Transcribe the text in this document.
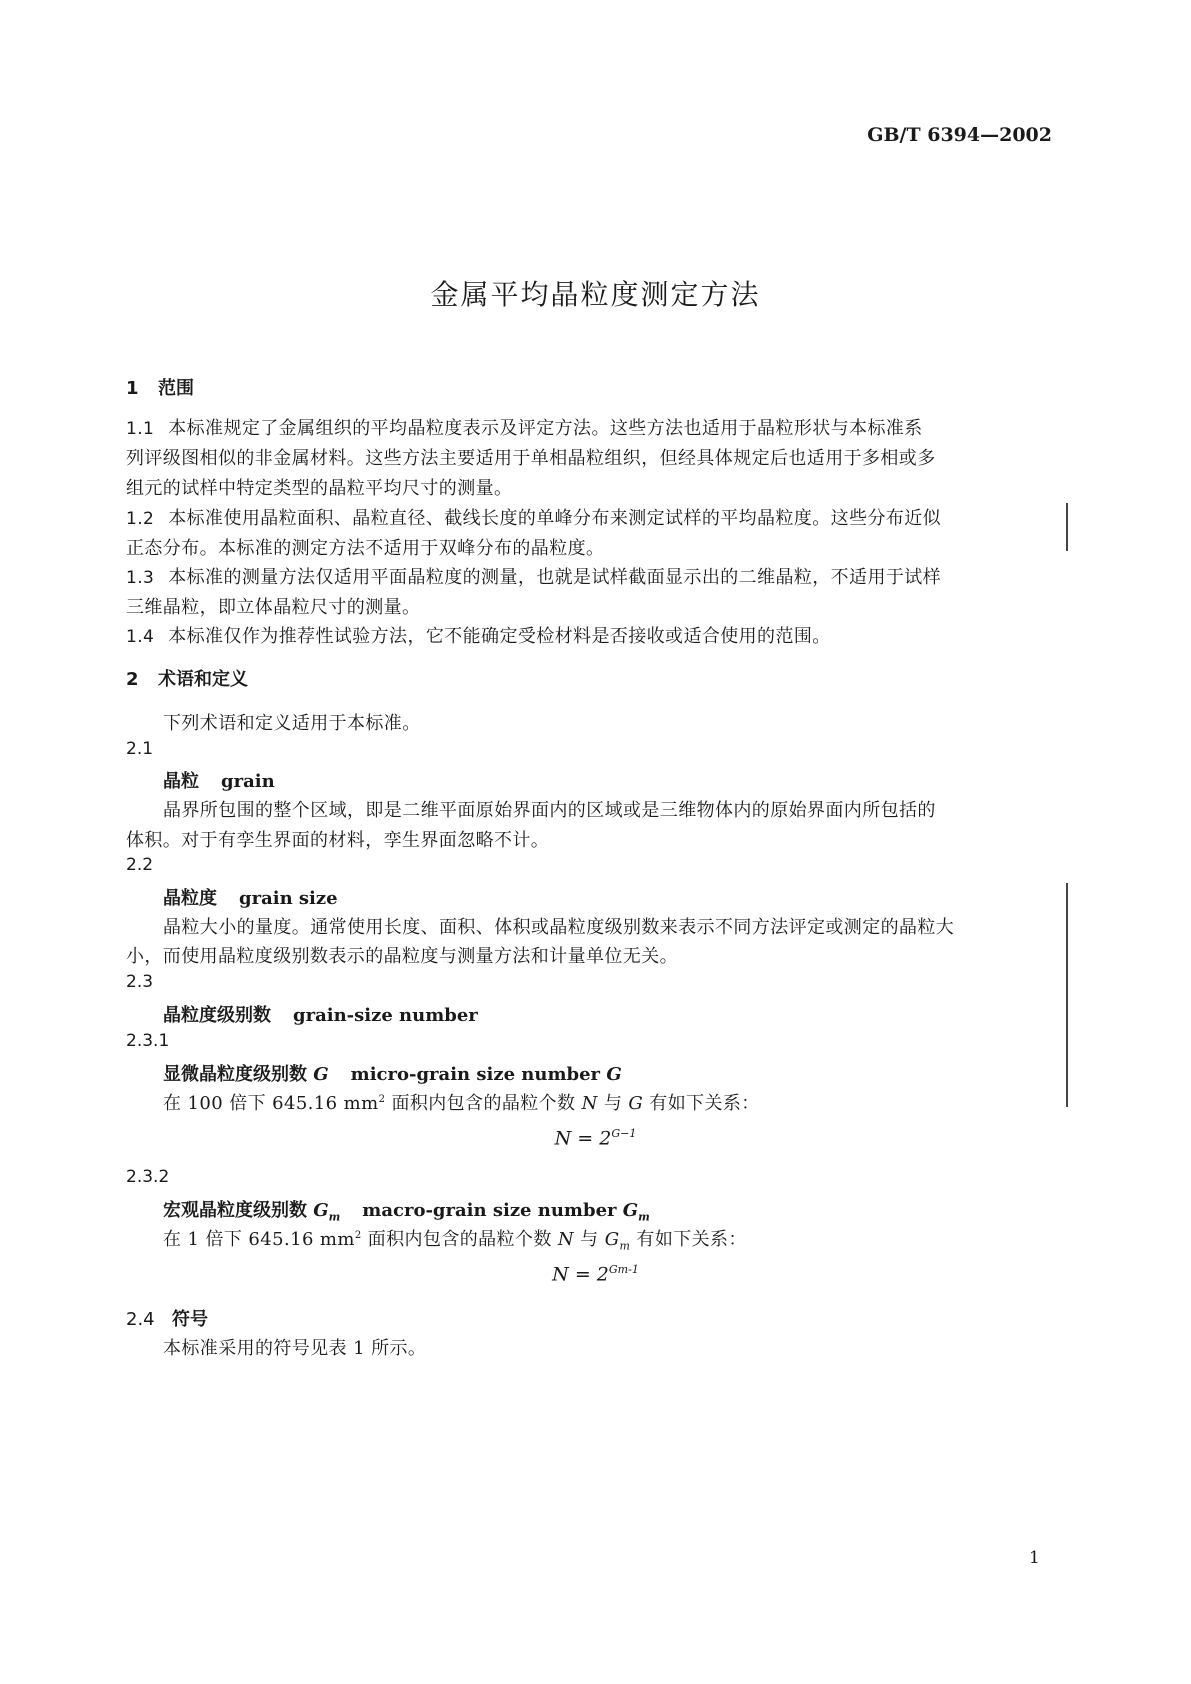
GB/T 6394—2002
金属平均晶粒度测定方法
1 范围
1.1 本标准规定了金属组织的平均晶粒度表示及评定方法。这些方法也适用于晶粒形状与本标准系
列评级图相似的非金属材料。这些方法主要适用于单相晶粒组织，但经具体规定后也适用于多相或多
组元的试样中特定类型的晶粒平均尺寸的测量。
1.2 本标准使用晶粒面积、晶粒直径、截线长度的单峰分布来测定试样的平均晶粒度。这些分布近似
正态分布。本标准的测定方法不适用于双峰分布的晶粒度。
1.3 本标准的测量方法仅适用平面晶粒度的测量，也就是试样截面显示出的二维晶粒，不适用于试样
三维晶粒，即立体晶粒尺寸的测量。
1.4 本标准仅作为推荐性试验方法，它不能确定受检材料是否接收或适合使用的范围。
2 术语和定义
下列术语和定义适用于本标准。
2.1
晶粒 grain
晶界所包围的整个区域，即是二维平面原始界面内的区域或是三维物体内的原始界面内所包括的
体积。对于有孪生界面的材料，孪生界面忽略不计。
2.2
晶粒度 grain size
晶粒大小的量度。通常使用长度、面积、体积或晶粒度级别数来表示不同方法评定或测定的晶粒大
小，而使用晶粒度级别数表示的晶粒度与测量方法和计量单位无关。
2.3
晶粒度级别数 grain-size number
2.3.1
显微晶粒度级别数 G micro-grain size number G
在 100 倍下 645.16 $mm^2$ 面积内包含的晶粒个数 N 与 G 有如下关系：
$N = 2^{G-1}$
2.3.2
宏观晶粒度级别数 $G_m$ macro-grain size number $G_m$
在 1 倍下 645.16 $mm^2$ 面积内包含的晶粒个数 N 与 $G_m$ 有如下关系：
$N = 2^{Gm-1}$
2.4 符号
本标准采用的符号见表 1 所示。
1
